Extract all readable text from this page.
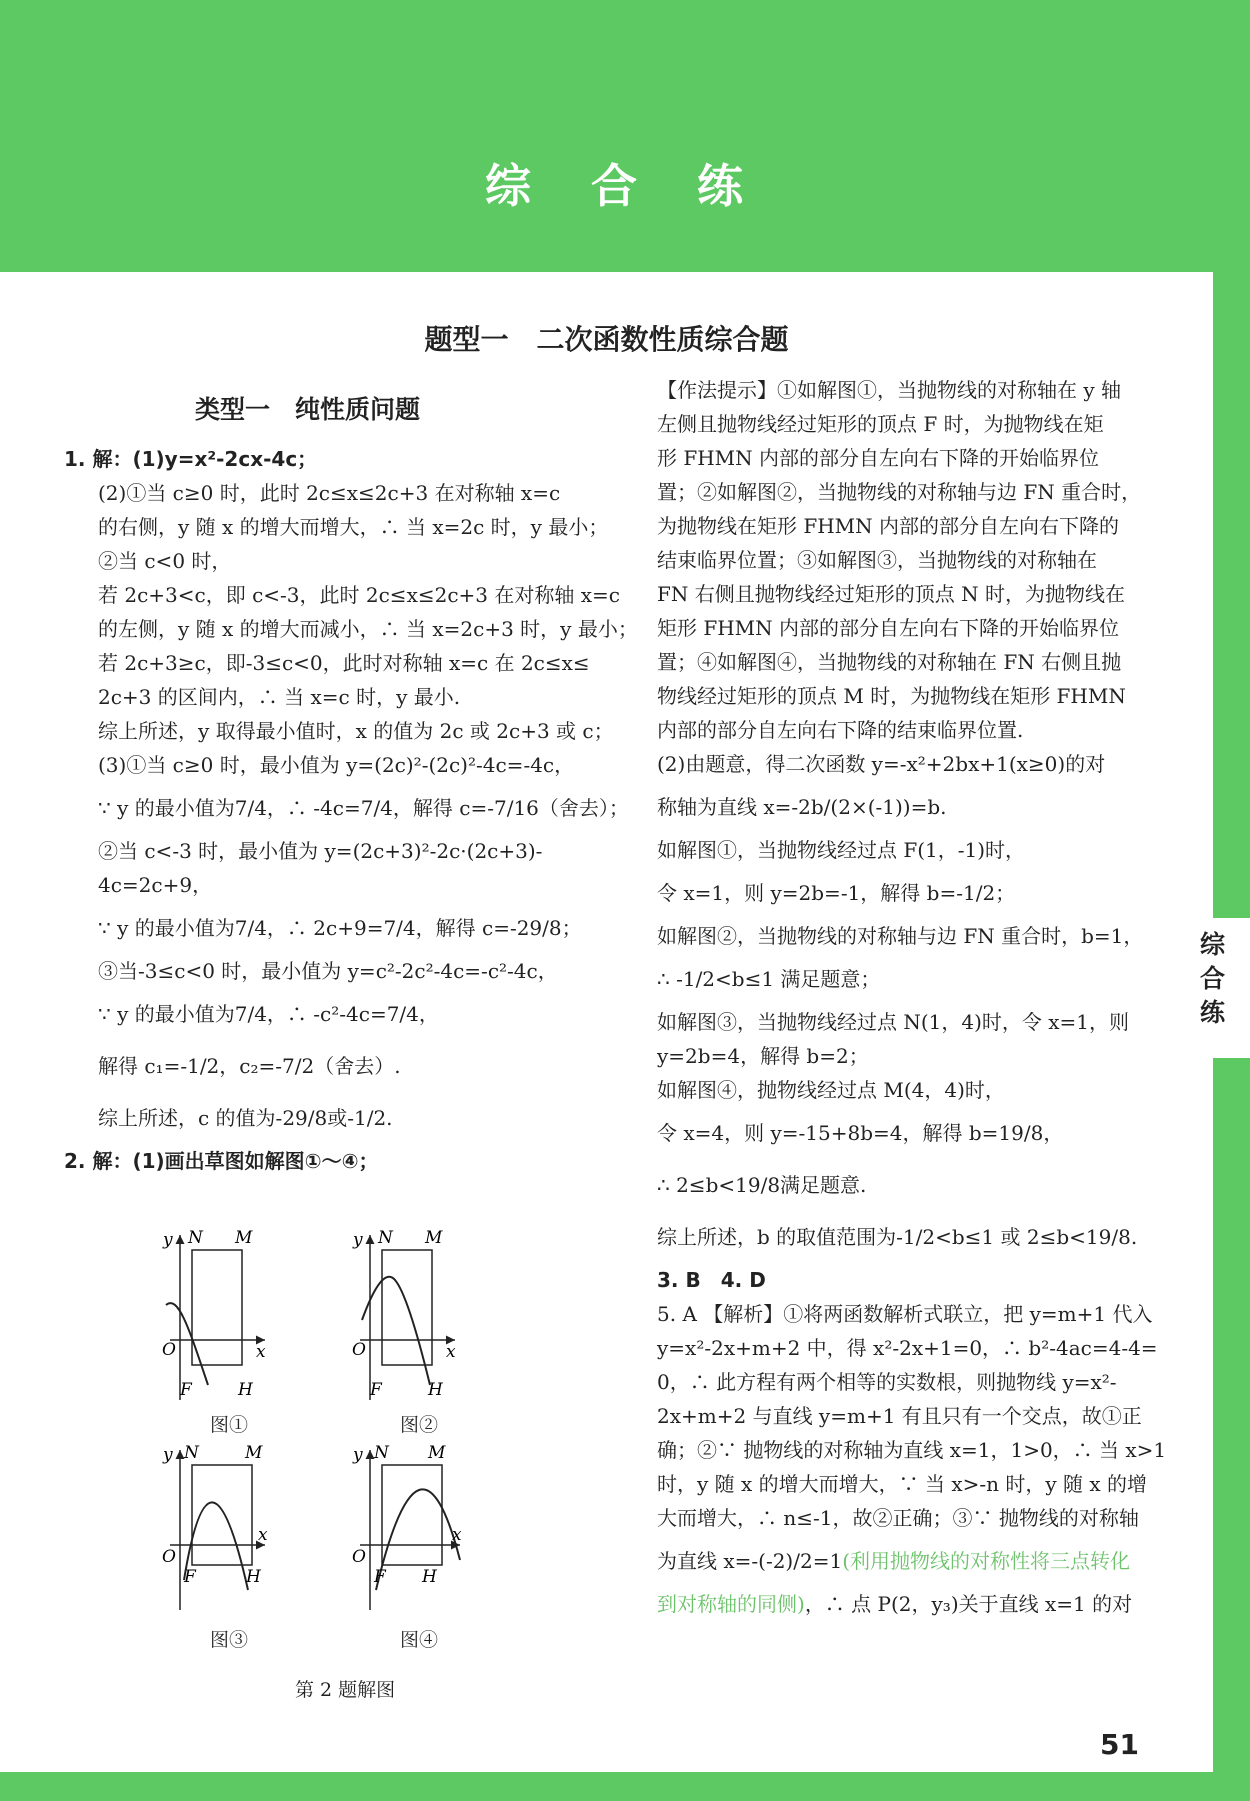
综 合 练
综合练
题型一　二次函数性质综合题
类型一　纯性质问题
1. 解：(1)y=x²-2cx-4c；
(2)①当 c≥0 时，此时 2c≤x≤2c+3 在对称轴 x=c
的右侧，y 随 x 的增大而增大，∴ 当 x=2c 时，y 最小；
②当 c<0 时，
若 2c+3<c，即 c<-3，此时 2c≤x≤2c+3 在对称轴 x=c
的左侧，y 随 x 的增大而减小，∴ 当 x=2c+3 时，y 最小；
若 2c+3≥c，即-3≤c<0，此时对称轴 x=c 在 2c≤x≤
2c+3 的区间内，∴ 当 x=c 时，y 最小.
综上所述，y 取得最小值时，x 的值为 2c 或 2c+3 或 c；
(3)①当 c≥0 时，最小值为 y=(2c)²-(2c)²-4c=-4c，
∵ y 的最小值为7/4，∴ -4c=7/4，解得 c=-7/16（舍去）；
②当 c<-3 时，最小值为 y=(2c+3)²-2c·(2c+3)-
4c=2c+9，
∵ y 的最小值为7/4，∴ 2c+9=7/4，解得 c=-29/8；
③当-3≤c<0 时，最小值为 y=c²-2c²-4c=-c²-4c，
∵ y 的最小值为7/4，∴ -c²-4c=7/4，
解得 c₁=-1/2，c₂=-7/2（舍去）.
综上所述，c 的值为-29/8或-1/2.
2. 解：(1)画出草图如解图①～④；
y N M
x
O
F	H
y N M
x
O
F	H
y N	M
x
O
F	H
y N M
x
O
F H
图①	图②
图③	图④
第 2 题解图
【作法提示】①如解图①，当抛物线的对称轴在 y 轴
左侧且抛物线经过矩形的顶点 F 时，为抛物线在矩
形 FHMN 内部的部分自左向右下降的开始临界位
置；②如解图②，当抛物线的对称轴与边 FN 重合时，
为抛物线在矩形 FHMN 内部的部分自左向右下降的
结束临界位置；③如解图③，当抛物线的对称轴在
FN 右侧且抛物线经过矩形的顶点 N 时，为抛物线在
矩形 FHMN 内部的部分自左向右下降的开始临界位
置；④如解图④，当抛物线的对称轴在 FN 右侧且抛
物线经过矩形的顶点 M 时，为抛物线在矩形 FHMN
内部的部分自左向右下降的结束临界位置.
(2)由题意，得二次函数 y=-x²+2bx+1(x≥0)的对
称轴为直线 x=-2b/(2×(-1))=b.
如解图①，当抛物线经过点 F(1，-1)时，
令 x=1，则 y=2b=-1，解得 b=-1/2；
如解图②，当抛物线的对称轴与边 FN 重合时，b=1，
∴ -1/2<b≤1 满足题意；
如解图③，当抛物线经过点 N(1，4)时，令 x=1，则
y=2b=4，解得 b=2；
如解图④，抛物线经过点 M(4，4)时，
令 x=4，则 y=-15+8b=4，解得 b=19/8，
∴ 2≤b<19/8满足题意.
综上所述，b 的取值范围为-1/2<b≤1 或 2≤b<19/8.
3. B　4. D
5. A 【解析】①将两函数解析式联立，把 y=m+1 代入
y=x²-2x+m+2 中，得 x²-2x+1=0，∴ b²-4ac=4-4=
0，∴ 此方程有两个相等的实数根，则抛物线 y=x²-
2x+m+2 与直线 y=m+1 有且只有一个交点，故①正
确；②∵ 抛物线的对称轴为直线 x=1，1>0，∴ 当 x>1
时，y 随 x 的增大而增大，∵ 当 x>-n 时，y 随 x 的增
大而增大，∴ n≤-1，故②正确；③∵ 抛物线的对称轴
为直线 x=-(-2)/2=1(利用抛物线的对称性将三点转化
到对称轴的同侧)，∴ 点 P(2，y₃)关于直线 x=1 的对
51
